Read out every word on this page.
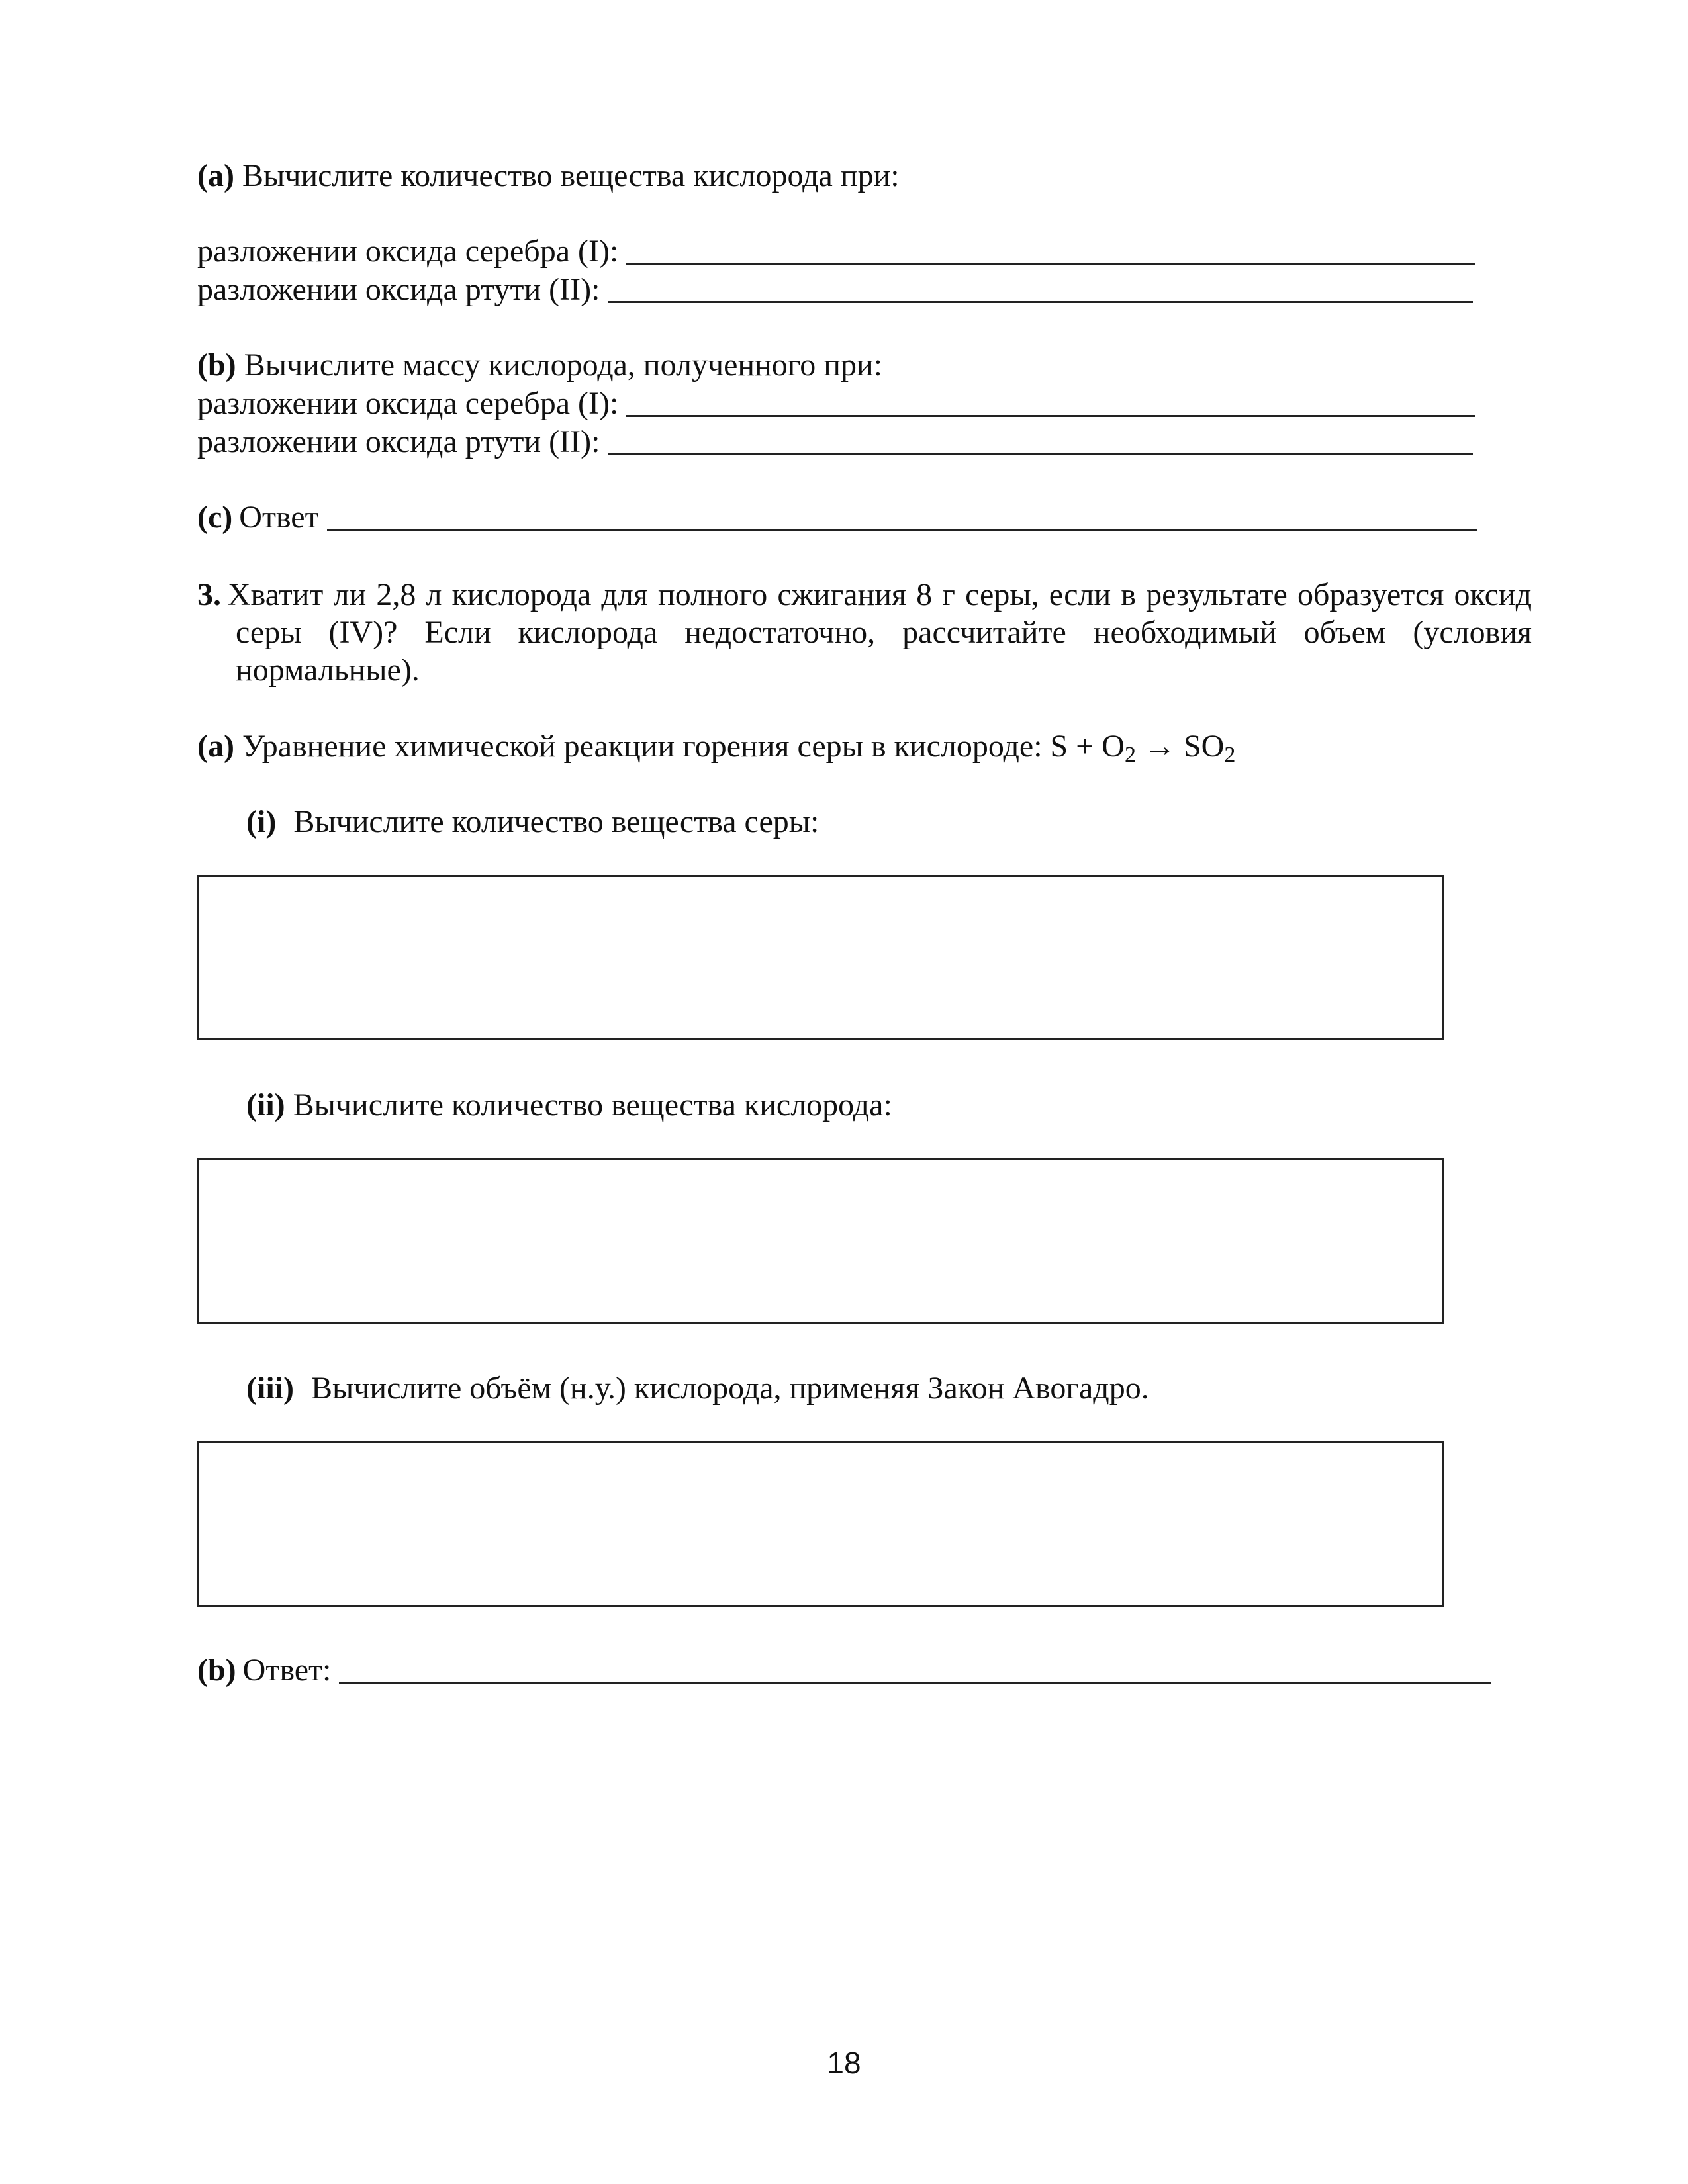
(a) Вычислите количество вещества кислорода при:
разложении оксида серебра (I):
разложении оксида ртути (II):
(b) Вычислите массу кислорода, полученного при:
разложении оксида серебра (I):
разложении оксида ртути (II):
(c) Ответ
3. Хватит ли 2,8 л кислорода для полного сжигания 8 г серы, если в результате образуется оксид серы (IV)? Если кислорода недостаточно, рассчитайте необходимый объем (условия нормальные).
(a) Уравнение химической реакции горения серы в кислороде: $S + O_2 \to SO_2$
(i) Вычислите количество вещества серы:
(ii) Вычислите количество вещества кислорода:
(iii) Вычислите объём (н.у.) кислорода, применяя Закон Авогадро.
(b) Ответ:
18
